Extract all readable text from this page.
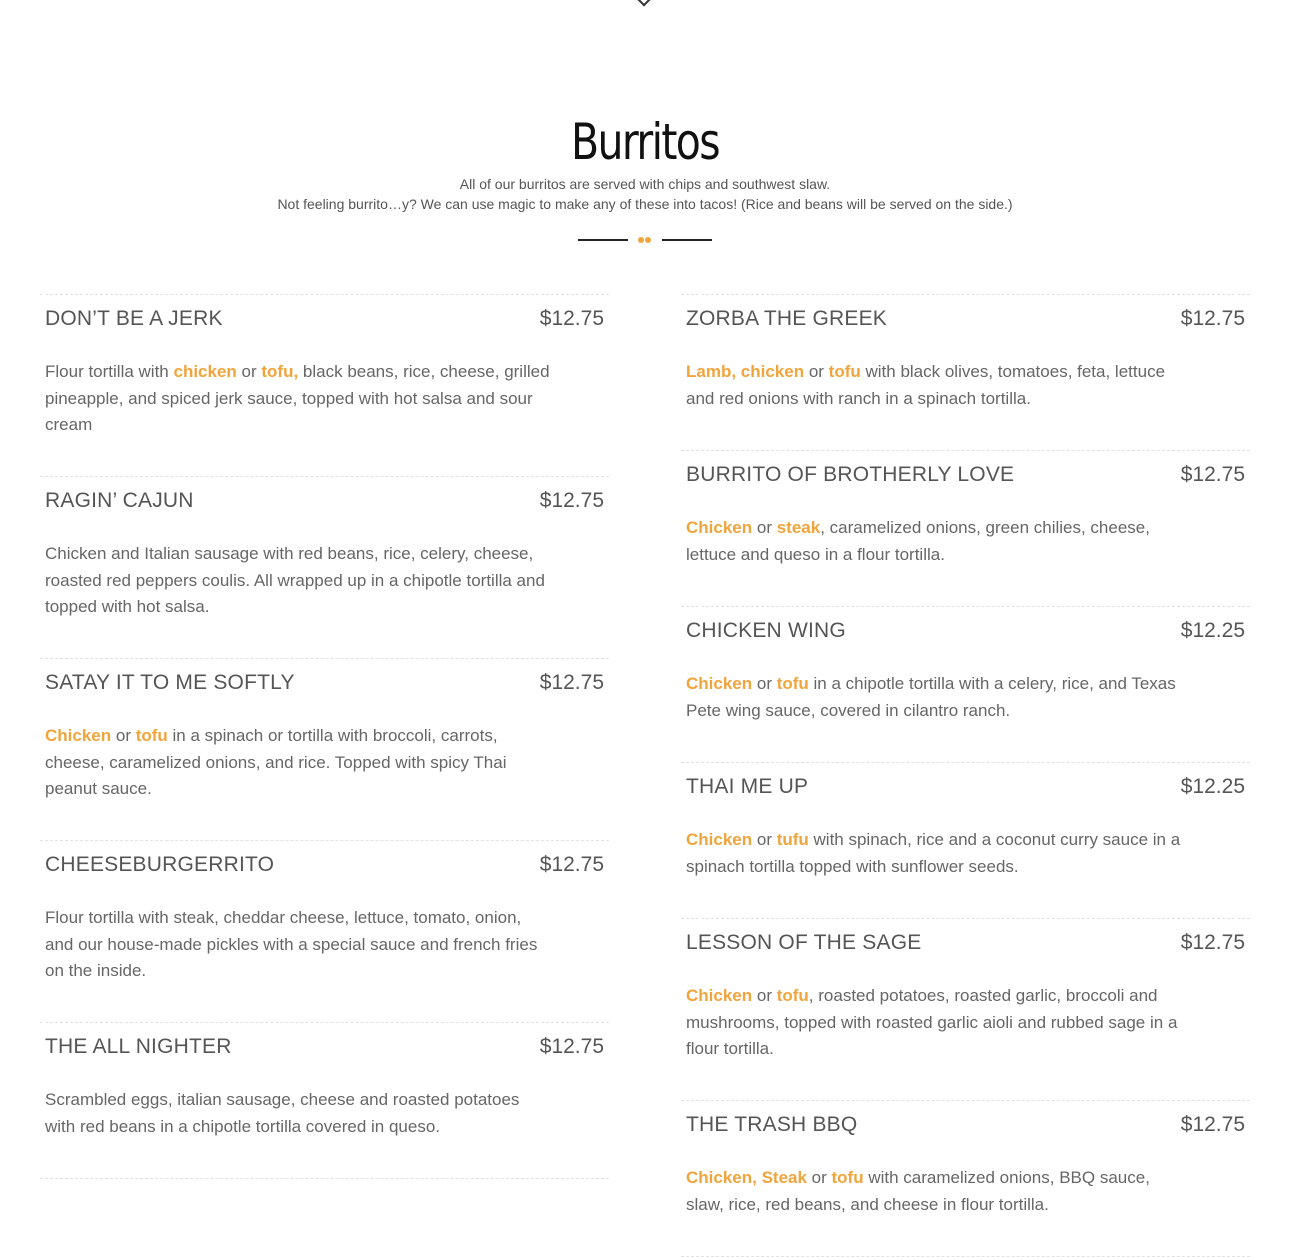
Burritos

All of our burritos are served with chips and southwest slaw.

Not feeling burrito…y? We can use magic to make any of these into tacos! (Rice and beans will be served on the side.)

DON’T BE A JERK	$12.75
Flour tortilla with chicken or tofu, black beans, rice, cheese, grilled pineapple, and spiced jerk sauce, topped with hot salsa and sour cream
RAGIN’ CAJUN	$12.75
Chicken and Italian sausage with red beans, rice, celery, cheese, roasted red peppers coulis. All wrapped up in a chipotle tortilla and topped with hot salsa.
SATAY IT TO ME SOFTLY	$12.75
Chicken or tofu in a spinach or tortilla with broccoli, carrots, cheese, caramelized onions, and rice. Topped with spicy Thai peanut sauce.
CHEESEBURGERRITO	$12.75
Flour tortilla with steak, cheddar cheese, lettuce, tomato, onion, and our house-made pickles with a special sauce and french fries on the inside.
THE ALL NIGHTER	$12.75
Scrambled eggs, italian sausage, cheese and roasted potatoes with red beans in a chipotle tortilla covered in queso.
ZORBA THE GREEK	$12.75
Lamb, chicken or tofu with black olives, tomatoes, feta, lettuce and red onions with ranch in a spinach tortilla.
BURRITO OF BROTHERLY LOVE	$12.75
Chicken or steak, caramelized onions, green chilies, cheese, lettuce and queso in a flour tortilla.
CHICKEN WING	$12.25
Chicken or tofu in a chipotle tortilla with a celery, rice, and Texas Pete wing sauce, covered in cilantro ranch.
THAI ME UP	$12.25
Chicken or tufu with spinach, rice and a coconut curry sauce in a spinach tortilla topped with sunflower seeds.
LESSON OF THE SAGE	$12.75
Chicken or tofu, roasted potatoes, roasted garlic, broccoli and mushrooms, topped with roasted garlic aioli and rubbed sage in a flour tortilla.
THE TRASH BBQ	$12.75
Chicken, Steak or tofu with caramelized onions, BBQ sauce, slaw, rice, red beans, and cheese in flour tortilla.
